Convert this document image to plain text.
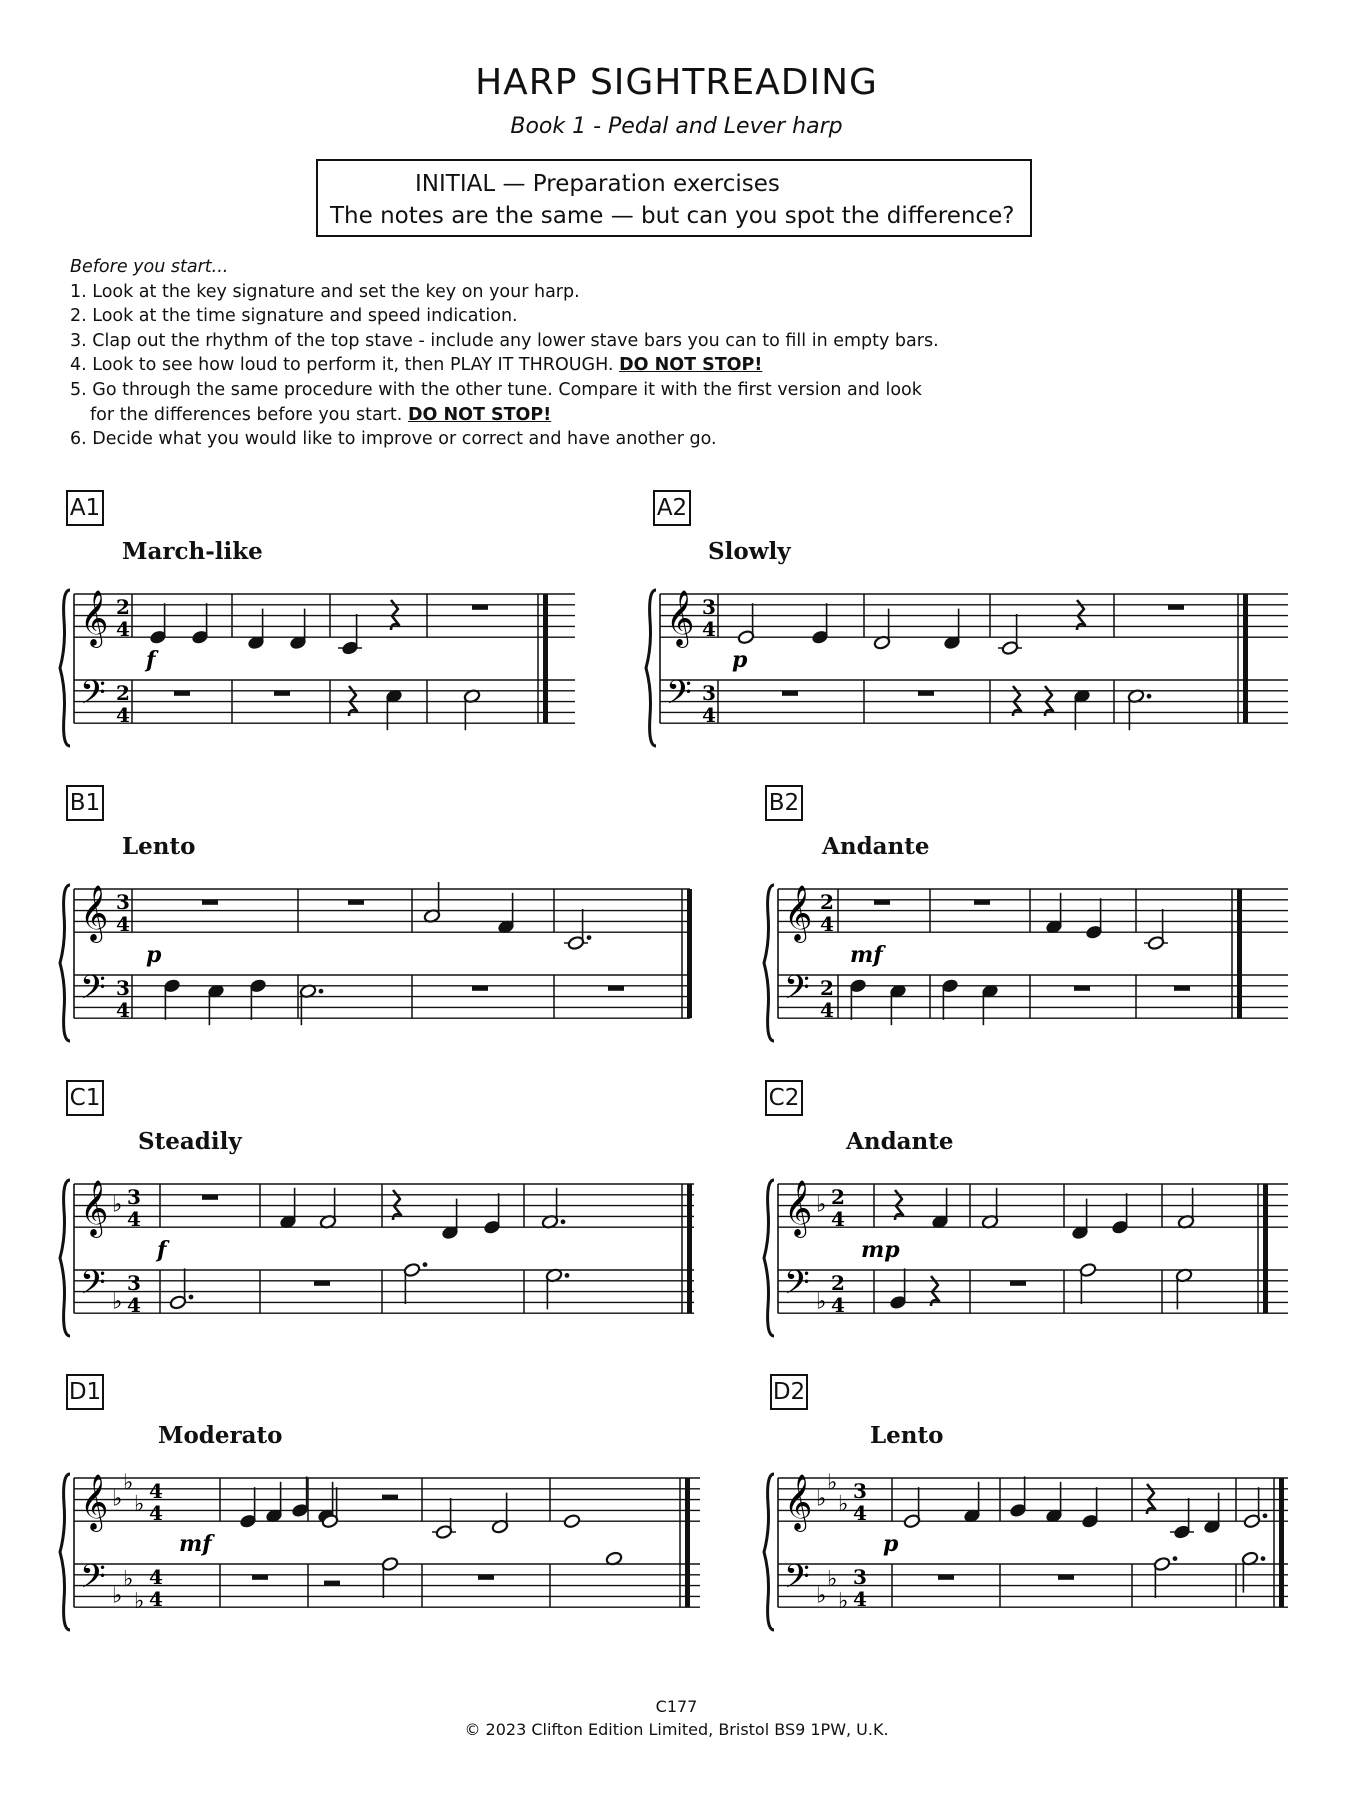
HARP SIGHTREADING
Book 1 - Pedal and Lever harp
INITIAL — Preparation exercises
The notes are the same — but can you spot the difference?
Before you start...
1. Look at the key signature and set the key on your harp.
2. Look at the time signature and speed indication.
3. Clap out the rhythm of the top stave - include any lower stave bars you can to fill in empty bars.
4. Look to see how loud to perform it, then PLAY IT THROUGH. DO NOT STOP!
5. Go through the same procedure with the other tune. Compare it with the first version and look
for the differences before you start. DO NOT STOP!
6. Decide what you would like to improve or correct and have another go.
A1
March-like
𝄞
𝄢
2
4
2
4
f
A2
Slowly
𝄞
𝄢
3
4
3
4
p
B1
Lento
𝄞
𝄢
3
4
3
4
p
B2
Andante
𝄞
𝄢
2
4
2
4
mf
C1
Steadily
𝄞
𝄢
♭
♭
3
4
3
4
f
C2
Andante
𝄞
𝄢
♭
♭
2
4
2
4
mp
D1
Moderato
𝄞
𝄢
♭
♭
♭
♭
♭
♭
4
4
4
4
mf
D2
Lento
𝄞
𝄢
♭
♭
♭
♭
♭
♭
3
4
3
4
p
C177
© 2023 Clifton Edition Limited, Bristol BS9 1PW, U.K.
